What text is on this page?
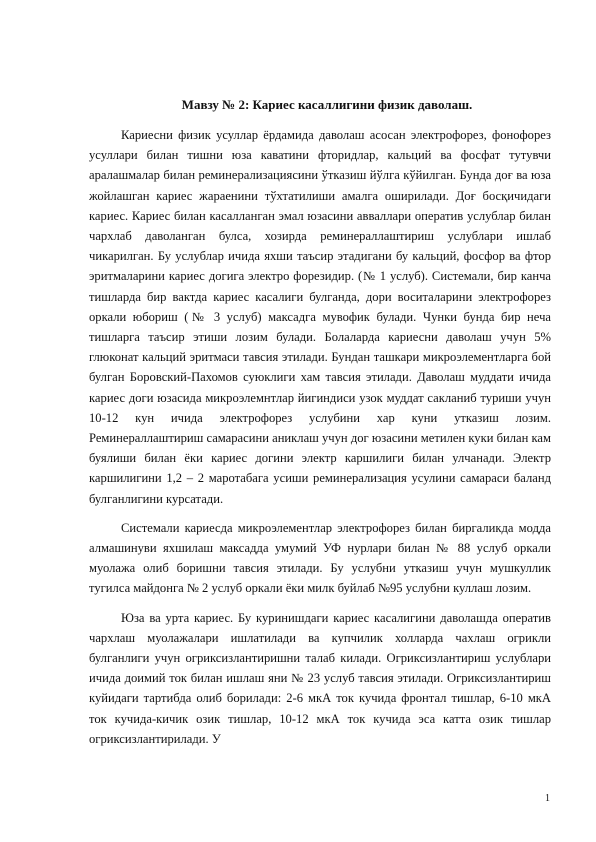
Мавзу № 2: Кариес касаллигини физик даволаш.

Кариесни физик усуллар ёрдамида даволаш асосан электрофорез, фонофорез усуллари билан тишни юза каватини фторидлар, кальций ва фосфат тутувчи аралашмалар билан реминерализациясини ўтказиш йўлга кўйилган. Бунда доғ ва юза жойлашган кариес жараенини тўхтатилиши амалга оширилади. Доғ босқичидаги кариес. Кариес билан касалланган эмал юзасини авваллари оператив услублар билан чархлаб даволанган булса, хозирда реминераллаштириш услублари ишлаб чикарилган. Бу услублар ичида яхши таъсир этадигани бу кальций, фосфор ва фтор эритмаларини кариес догига электро форезидир. (№ 1 услуб). Системали, бир канча тишларда бир вактда кариес касалиги булганда, дори воситаларини электрофорез оркали юбориш (№ 3 услуб) максадга мувофик булади. Чунки бунда бир неча тишларга таъсир этиши лозим булади. Болаларда кариесни даволаш учун 5% глюконат кальций эритмаси тавсия этилади. Бундан ташкари микроэлементларга бой булган Боровский-Пахомов суюклиги хам тавсия этилади. Даволаш муддати ичида кариес доги юзасида микроэлемнтлар йигиндиси узок муддат сакланиб туриши учун 10-12 кун ичида электрофорез услубини хар куни утказиш лозим. Реминераллаштириш самарасини аниклаш учун дог юзасини метилен куки билан кам буялиши билан ёки кариес догини электр каршилиги билан улчанади. Электр каршилигини 1,2 – 2 маротабага усиши реминерализация усулини самараси баланд булганлигини курсатади.

Системали кариесда микроэлементлар электрофорез билан биргаликда модда алмашинуви яхшилаш максадда умумий УФ нурлари билан № 88 услуб оркали муолажа олиб боришни тавсия этилади. Бу услубни утказиш учун мушкуллик тугилса майдонга № 2 услуб оркали ёки милк буйлаб №95 услубни куллаш лозим.

Юза ва урта кариес. Бу куринишдаги кариес касалигини даволашда оператив чархлаш муолажалари ишлатилади ва купчилик холларда чахлаш огрикли булганлиги учун огриксизлантиришни талаб килади. Огриксизлантириш услублари ичида доимий ток билан ишлаш яни № 23 услуб тавсия этилади. Огриксизлантириш куйидаги тартибда олиб борилади: 2-6 мкА ток кучида фронтал тишлар, 6-10 мкА ток кучида-кичик озик тишлар, 10-12 мкА ток кучида эса катта озик тишлар огриксизлантирилади. У

1
